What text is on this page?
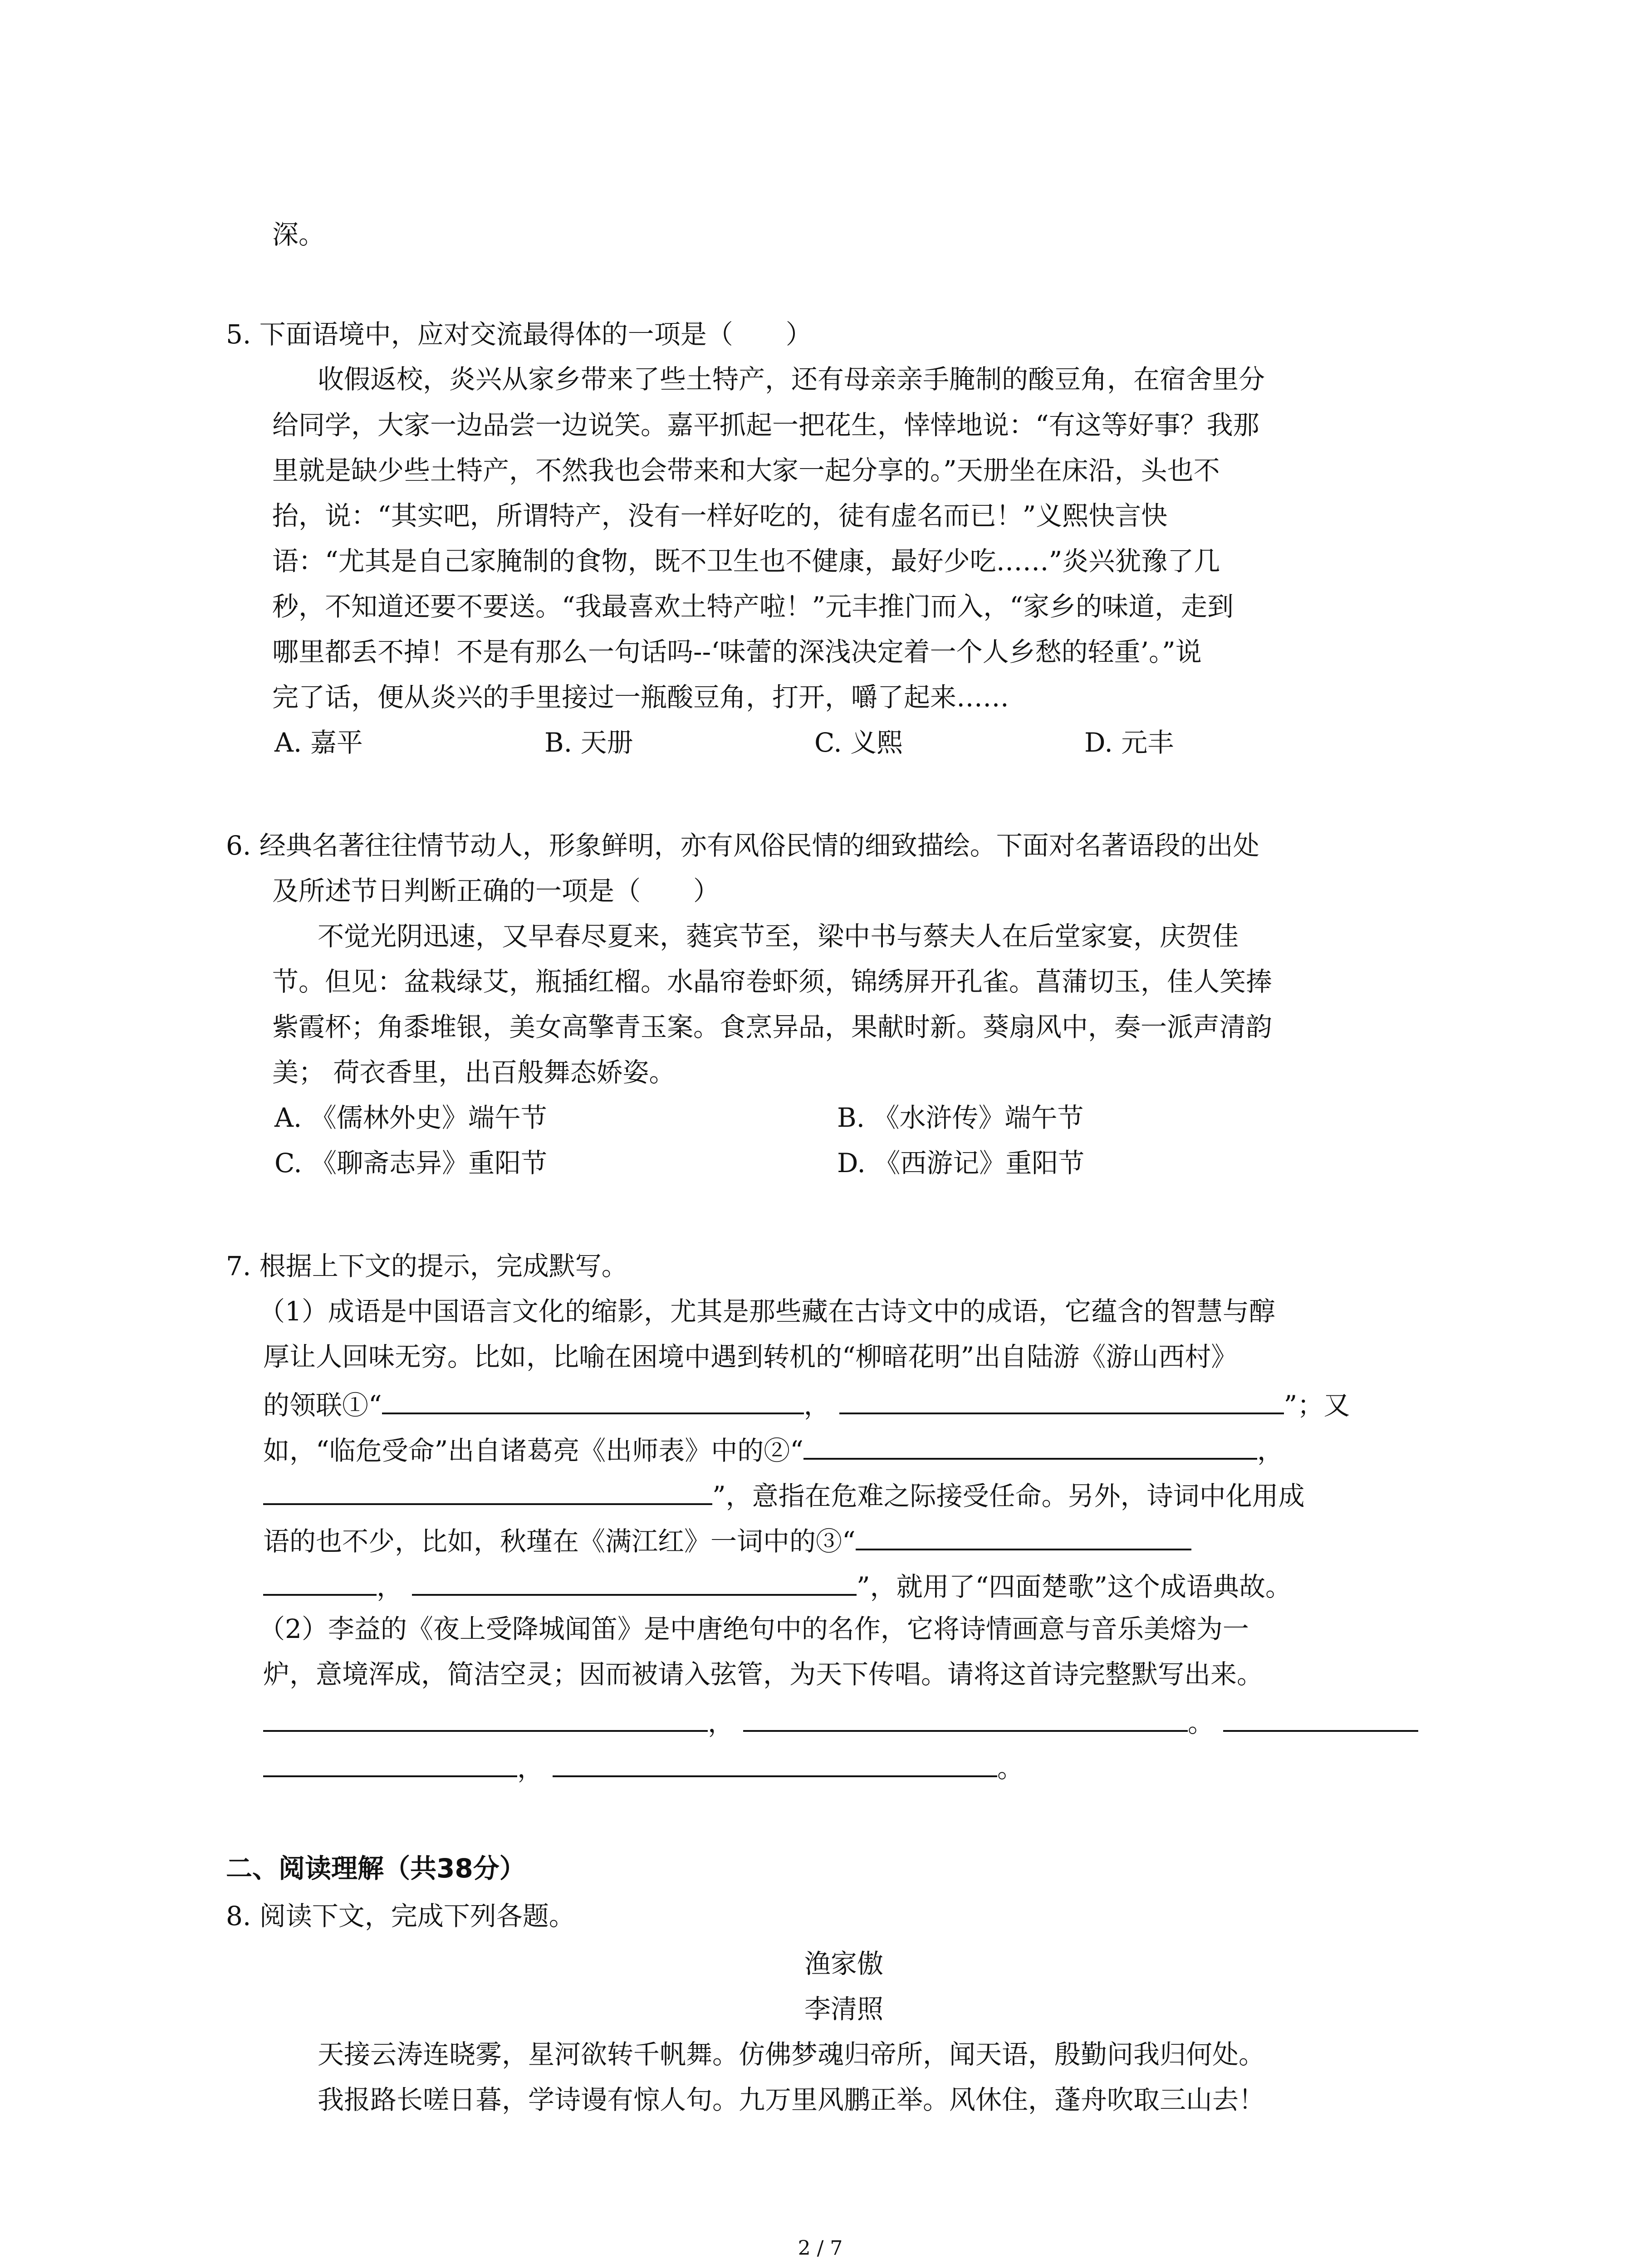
深。
5. 下面语境中，应对交流最得体的一项是（　　）
收假返校，炎兴从家乡带来了些土特产，还有母亲亲手腌制的酸豆角，在宿舍里分
给同学，大家一边品尝一边说笑。嘉平抓起一把花生，悻悻地说：“有这等好事？我那
里就是缺少些土特产，不然我也会带来和大家一起分享的。”天册坐在床沿，头也不
抬，说：“其实吧，所谓特产，没有一样好吃的，徒有虚名而已！”义熙快言快
语：“尤其是自己家腌制的食物，既不卫生也不健康，最好少吃……”炎兴犹豫了几
秒，不知道还要不要送。“我最喜欢土特产啦！”元丰推门而入，“家乡的味道，走到
哪里都丢不掉！不是有那么一句话吗--‘味蕾的深浅决定着一个人乡愁的轻重’。”说
完了话，便从炎兴的手里接过一瓶酸豆角，打开，嚼了起来……
A. 嘉平	B. 天册	C. 义熙	D. 元丰
6. 经典名著往往情节动人，形象鲜明，亦有风俗民情的细致描绘。下面对名著语段的出处
及所述节日判断正确的一项是（　　）
不觉光阴迅速，又早春尽夏来，蕤宾节至，梁中书与蔡夫人在后堂家宴，庆贺佳
节。但见：盆栽绿艾，瓶插红榴。水晶帘卷虾须，锦绣屏开孔雀。菖蒲切玉，佳人笑捧
紫霞杯；角黍堆银，美女高擎青玉案。食烹异品，果献时新。葵扇风中，奏一派声清韵
美； 荷衣香里，出百般舞态娇姿。
A. 《儒林外史》端午节	B. 《水浒传》端午节
C. 《聊斋志异》重阳节	D. 《西游记》重阳节
7. 根据上下文的提示，完成默写。
（1）成语是中国语言文化的缩影，尤其是那些藏在古诗文中的成语，它蕴含的智慧与醇
厚让人回味无穷。比如，比喻在困境中遇到转机的“柳暗花明”出自陆游《游山西村》
的领联①“	，	”；又
如，“临危受命”出自诸葛亮《出师表》中的②“	，
”，意指在危难之际接受任命。另外，诗词中化用成
语的也不少，比如，秋瑾在《满江红》一词中的③“
，	”，就用了“四面楚歌”这个成语典故。
（2）李益的《夜上受降城闻笛》是中唐绝句中的名作，它将诗情画意与音乐美熔为一
炉，意境浑成，简洁空灵；因而被请入弦管，为天下传唱。请将这首诗完整默写出来。
，	。
，	。
二、阅读理解（共38分）
8. 阅读下文，完成下列各题。
渔家傲
李清照
天接云涛连晓雾，星河欲转千帆舞。仿佛梦魂归帝所，闻天语，殷勤问我归何处。
我报路长嗟日暮，学诗谩有惊人句。九万里风鹏正举。风休住，蓬舟吹取三山去！
2 / 7
